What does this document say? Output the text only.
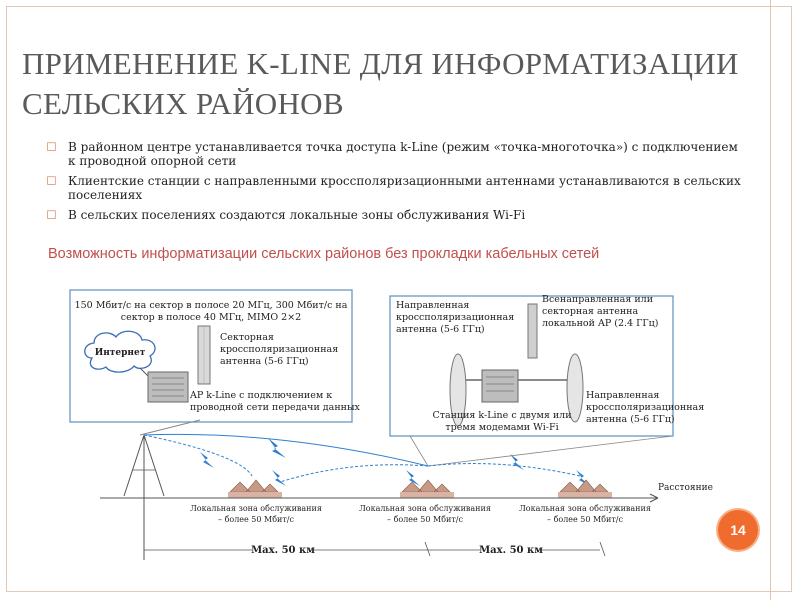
ПРИМЕНЕНИЕ K-LINE ДЛЯ ИНФОРМАТИЗАЦИИ
СЕЛЬСКИХ РАЙОНОВ
◻ В районном центре устанавливается точка доступа k-Line (режим «точка-многоточка») с подключением к проводной опорной сети
◻ Клиентские станции с направленными кроссполяризационными антеннами устанавливаются в сельских поселениях
◻ В сельских поселениях создаются локальные зоны обслуживания Wi-Fi
Возможность информатизации сельских районов без прокладки кабельных сетей
150 Мбит/с на сектор в полосе 20 МГц, 300 Мбит/с на
сектор в полосе 40 МГц, MIMO 2×2
Интернет
Секторная
кроссполяризационная
антенна (5-6 ГГц)
AP k-Line с подключением к
проводной сети передачи данных
Направленная
кроссполяризационная
антенна (5-6 ГГц)
Всенаправленная или
секторная антенна
локальной AP (2.4 ГГц)
Направленная
кроссполяризационная
антенна (5-6 ГГц)
Станция k-Line с двумя или
тремя модемами Wi-Fi
Расстояние
Локальная зона обслуживания
– более 50 Мбит/с
Локальная зона обслуживания
– более 50 Мбит/с
Локальная зона обслуживания
– более 50 Мбит/с
Max. 50 км	Max. 50 км
14
